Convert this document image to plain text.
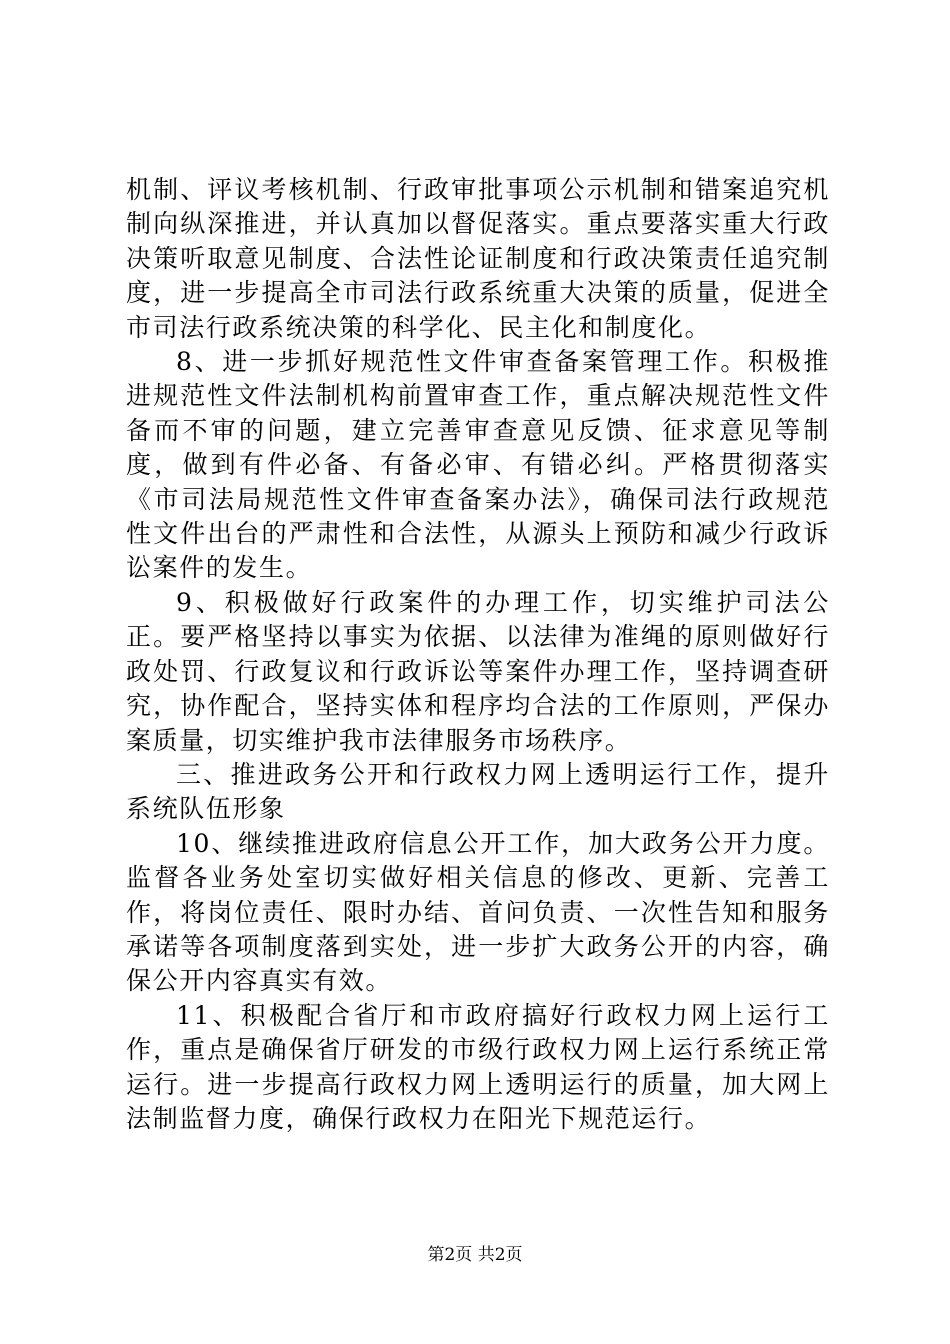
机制、评议考核机制、行政审批事项公示机制和错案追究机制向纵深推进，并认真加以督促落实。重点要落实重大行政决策听取意见制度、合法性论证制度和行政决策责任追究制度，进一步提高全市司法行政系统重大决策的质量，促进全市司法行政系统决策的科学化、民主化和制度化。

8、进一步抓好规范性文件审查备案管理工作。积极推进规范性文件法制机构前置审查工作，重点解决规范性文件备而不审的问题，建立完善审查意见反馈、征求意见等制度，做到有件必备、有备必审、有错必纠。严格贯彻落实《市司法局规范性文件审查备案办法》，确保司法行政规范性文件出台的严肃性和合法性，从源头上预防和减少行政诉讼案件的发生。

9、积极做好行政案件的办理工作，切实维护司法公正。要严格坚持以事实为依据、以法律为准绳的原则做好行政处罚、行政复议和行政诉讼等案件办理工作，坚持调查研究，协作配合，坚持实体和程序均合法的工作原则，严保办案质量，切实维护我市法律服务市场秩序。

三、推进政务公开和行政权力网上透明运行工作，提升系统队伍形象

10、继续推进政府信息公开工作，加大政务公开力度。监督各业务处室切实做好相关信息的修改、更新、完善工作，将岗位责任、限时办结、首问负责、一次性告知和服务承诺等各项制度落到实处，进一步扩大政务公开的内容，确保公开内容真实有效。

11、积极配合省厅和市政府搞好行政权力网上运行工作，重点是确保省厅研发的市级行政权力网上运行系统正常运行。进一步提高行政权力网上透明运行的质量，加大网上法制监督力度，确保行政权力在阳光下规范运行。

第2页 共2页
